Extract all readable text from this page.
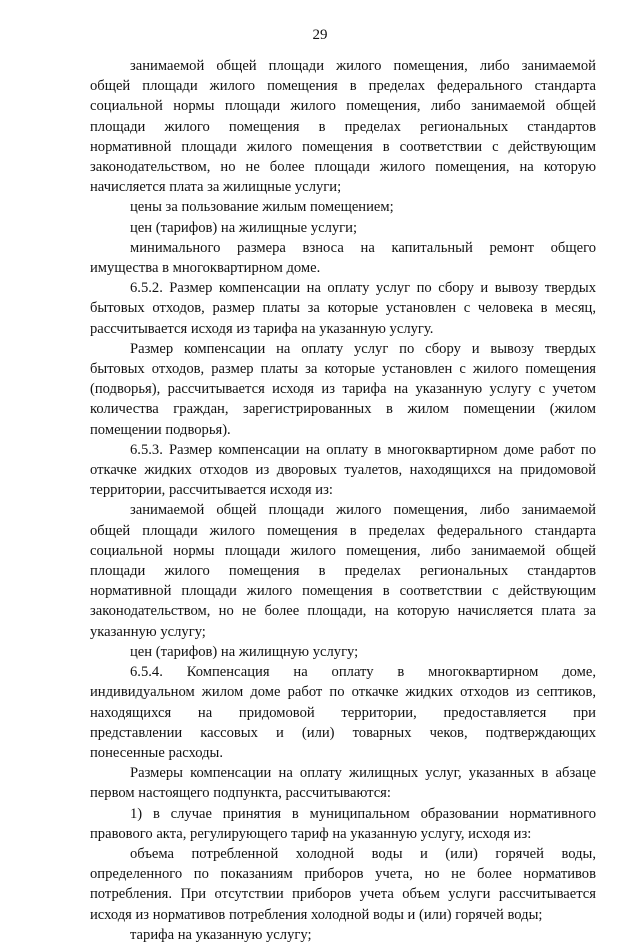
29
занимаемой общей площади жилого помещения, либо занимаемой
общей площади жилого помещения в пределах федерального стандарта
социальной нормы площади жилого помещения, либо занимаемой общей
площади жилого помещения в пределах региональных стандартов
нормативной площади жилого помещения в соответствии с действующим
законодательством, но не более площади жилого помещения, на которую
начисляется плата за жилищные услуги;
цены за пользование жилым помещением;
цен (тарифов) на жилищные услуги;
минимального размера взноса на капитальный ремонт общего
имущества в многоквартирном доме.
6.5.2. Размер компенсации на оплату услуг по сбору и вывозу твердых
бытовых отходов, размер платы за которые установлен с человека в месяц,
рассчитывается исходя из тарифа на указанную услугу.
Размер компенсации на оплату услуг по сбору и вывозу твердых
бытовых отходов, размер платы за которые установлен с жилого помещения
(подворья), рассчитывается исходя из тарифа на указанную услугу с учетом
количества граждан, зарегистрированных в жилом помещении (жилом
помещении подворья).
6.5.3. Размер компенсации на оплату в многоквартирном доме работ по
откачке жидких отходов из дворовых туалетов, находящихся на придомовой
территории, рассчитывается исходя из:
занимаемой общей площади жилого помещения, либо занимаемой
общей площади жилого помещения в пределах федерального стандарта
социальной нормы площади жилого помещения, либо занимаемой общей
площади жилого помещения в пределах региональных стандартов
нормативной площади жилого помещения в соответствии с действующим
законодательством, но не более площади, на которую начисляется плата за
указанную услугу;
цен (тарифов) на жилищную услугу;
6.5.4. Компенсация на оплату в многоквартирном доме,
индивидуальном жилом доме работ по откачке жидких отходов из септиков,
находящихся на придомовой территории, предоставляется при
представлении кассовых и (или) товарных чеков, подтверждающих
понесенные расходы.
Размеры компенсации на оплату жилищных услуг, указанных в абзаце
первом настоящего подпункта, рассчитываются:
1) в случае принятия в муниципальном образовании нормативного
правового акта, регулирующего тариф на указанную услугу, исходя из:
объема потребленной холодной воды и (или) горячей воды,
определенного по показаниям приборов учета, но не более нормативов
потребления. При отсутствии приборов учета объем услуги рассчитывается
исходя из нормативов потребления холодной воды и (или) горячей воды;
тарифа на указанную услугу;
